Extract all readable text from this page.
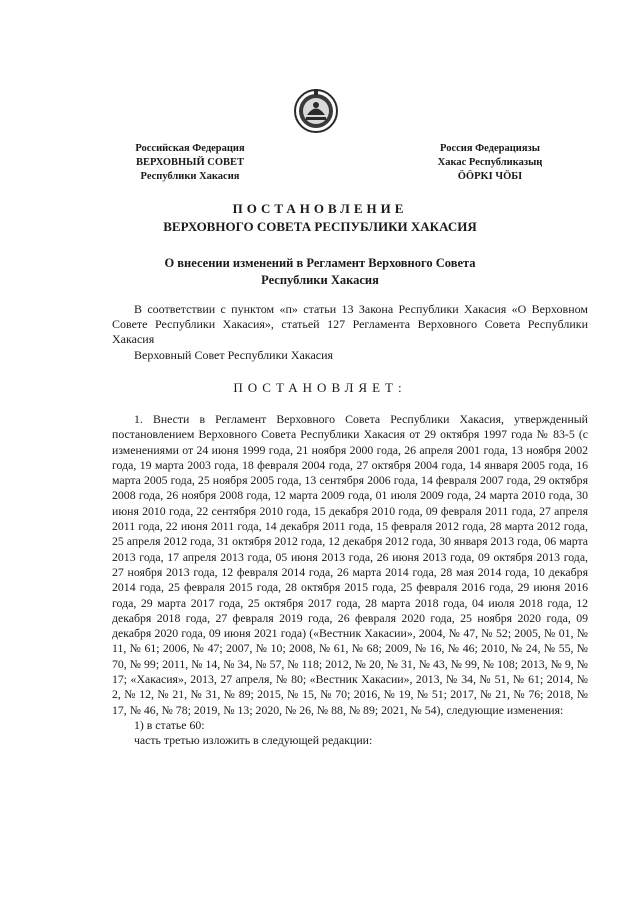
Российская Федерация
ВЕРХОВНЫЙ СОВЕТ
Республики Хакасия
Россия Федерациязы
Хакас Республиказың
ÖÖPKI ЧÖБI
ПОСТАНОВЛЕНИЕ
ВЕРХОВНОГО СОВЕТА РЕСПУБЛИКИ ХАКАСИЯ
О внесении изменений в Регламент Верховного Совета
Республики Хакасия
В соответствии с пунктом «п» статьи 13 Закона Республики Хакасия «О Верховном Совете Республики Хакасия», статьей 127 Регламента Верховного Совета Республики Хакасия
Верховный Совет Республики Хакасия
ПОСТАНОВЛЯЕТ:

1. Внести в Регламент Верховного Совета Республики Хакасия, утвержденный постановлением Верховного Совета Республики Хакасия от 29 октября 1997 года № 83-5 (с изменениями от 24 июня 1999 года, 21 ноября 2000 года, 26 апреля 2001 года, 13 ноября 2002 года, 19 марта 2003 года, 18 февраля 2004 года, 27 октября 2004 года, 14 января 2005 года, 16 марта 2005 года, 25 ноября 2005 года, 13 сентября 2006 года, 14 февраля 2007 года, 29 октября 2008 года, 26 ноября 2008 года, 12 марта 2009 года, 01 июля 2009 года, 24 марта 2010 года, 30 июня 2010 года, 22 сентября 2010 года, 15 декабря 2010 года, 09 февраля 2011 года, 27 апреля 2011 года, 22 июня 2011 года, 14 декабря 2011 года, 15 февраля 2012 года, 28 марта 2012 года, 25 апреля 2012 года, 31 октября 2012 года, 12 декабря 2012 года, 30 января 2013 года, 06 марта 2013 года, 17 апреля 2013 года, 05 июня 2013 года, 26 июня 2013 года, 09 октября 2013 года, 27 ноября 2013 года, 12 февраля 2014 года, 26 марта 2014 года, 28 мая 2014 года, 10 декабря 2014 года, 25 февраля 2015 года, 28 октября 2015 года, 25 февраля 2016 года, 29 июня 2016 года, 29 марта 2017 года, 25 октября 2017 года, 28 марта 2018 года, 04 июля 2018 года, 12 декабря 2018 года, 27 февраля 2019 года, 26 февраля 2020 года, 25 ноября 2020 года, 09 декабря 2020 года, 09 июня 2021 года) («Вестник Хакасии», 2004, № 47, № 52; 2005, № 01, № 11, № 61; 2006, № 47; 2007, № 10; 2008, № 61, № 68; 2009, № 16, № 46; 2010, № 24, № 55, № 70, № 99; 2011, № 14, № 34, № 57, № 118; 2012, № 20, № 31, № 43, № 99, № 108; 2013, № 9, № 17; «Хакасия», 2013, 27 апреля, № 80; «Вестник Хакасии», 2013, № 34, № 51, № 61; 2014, № 2, № 12, № 21, № 31, № 89; 2015, № 15, № 70; 2016, № 19, № 51; 2017, № 21, № 76; 2018, № 17, № 46, № 78; 2019, № 13; 2020, № 26, № 88, № 89; 2021, № 54), следующие изменения:

1) в статье 60:

часть третью изложить в следующей редакции:
